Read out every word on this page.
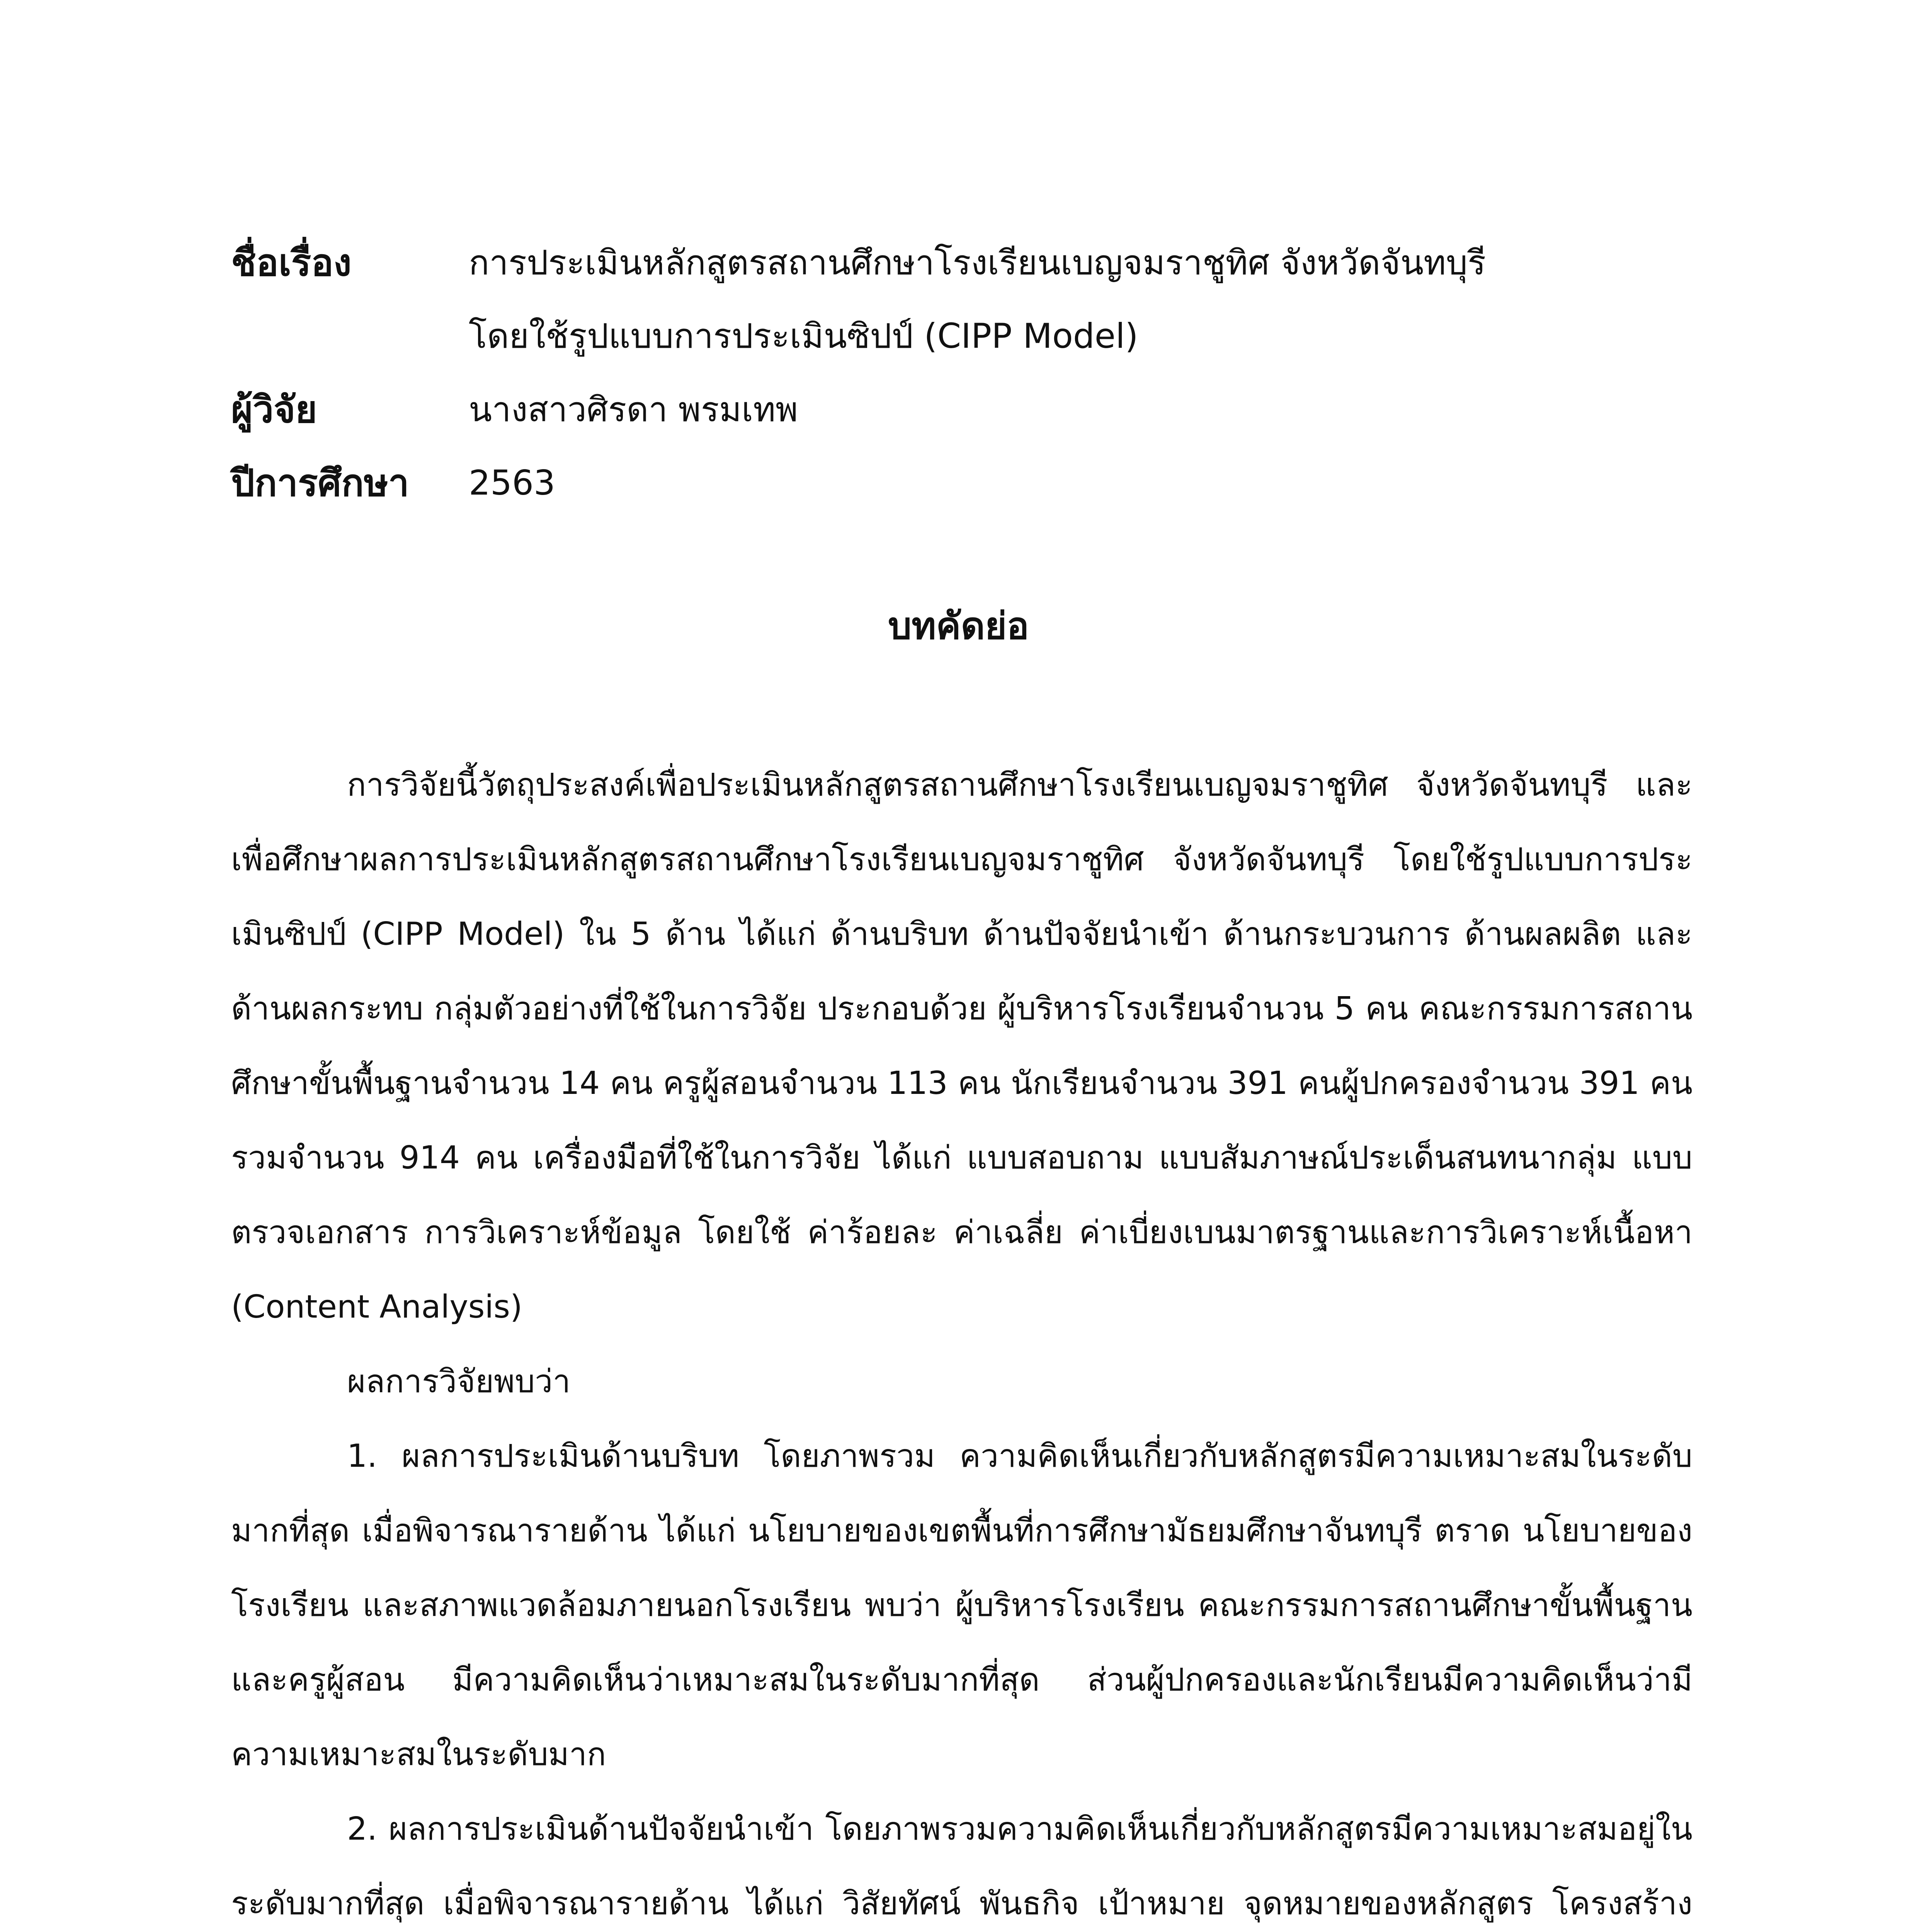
ชื่อเรื่อง	การประเมินหลักสูตรสถานศึกษาโรงเรียนเบญจมราชูทิศ จังหวัดจันทบุรี
โดยใช้รูปแบบการประเมินซิปป์ (CIPP Model)
ผู้วิจัย	นางสาวศิรดา พรมเทพ
ปีการศึกษา	2563
บทคัดย่อ

การวิจัยนี้วัตถุประสงค์เพื่อประเมินหลักสูตรสถานศึกษาโรงเรียนเบญจมราชูทิศ จังหวัดจันทบุรี และเพื่อศึกษาผลการประเมินหลักสูตรสถานศึกษาโรงเรียนเบญจมราชูทิศ จังหวัดจันทบุรี โดยใช้รูปแบบการประเมินซิปป์ (CIPP Model) ใน 5 ด้าน ได้แก่ ด้านบริบท ด้านปัจจัยนำเข้า ด้านกระบวนการ ด้านผลผลิต และด้านผลกระทบ กลุ่มตัวอย่างที่ใช้ในการวิจัย ประกอบด้วย ผู้บริหารโรงเรียนจำนวน 5 คน คณะกรรมการสถานศึกษาขั้นพื้นฐานจำนวน 14 คน ครูผู้สอนจำนวน 113 คน นักเรียนจำนวน 391 คนผู้ปกครองจำนวน 391 คน รวมจำนวน 914 คน เครื่องมือที่ใช้ในการวิจัย ได้แก่ แบบสอบถาม แบบสัมภาษณ์ประเด็นสนทนากลุ่ม แบบตรวจเอกสาร การวิเคราะห์ข้อมูล โดยใช้ ค่าร้อยละ ค่าเฉลี่ย ค่าเบี่ยงเบนมาตรฐานและการวิเคราะห์เนื้อหา (Content Analysis)

ผลการวิจัยพบว่า

1. ผลการประเมินด้านบริบท โดยภาพรวม ความคิดเห็นเกี่ยวกับหลักสูตรมีความเหมาะสมในระดับมากที่สุด เมื่อพิจารณารายด้าน ได้แก่ นโยบายของเขตพื้นที่การศึกษามัธยมศึกษาจันทบุรี ตราด นโยบายของโรงเรียน และสภาพแวดล้อมภายนอกโรงเรียน พบว่า ผู้บริหารโรงเรียน คณะกรรมการสถานศึกษาขั้นพื้นฐานและครูผู้สอน มีความคิดเห็นว่าเหมาะสมในระดับมากที่สุด ส่วนผู้ปกครองและนักเรียนมีความคิดเห็นว่ามีความเหมาะสมในระดับมาก

2. ผลการประเมินด้านปัจจัยนำเข้า โดยภาพรวมความคิดเห็นเกี่ยวกับหลักสูตรมีความเหมาะสมอยู่ในระดับมากที่สุด เมื่อพิจารณารายด้าน ได้แก่ วิสัยทัศน์ พันธกิจ เป้าหมาย จุดหมายของหลักสูตร โครงสร้าง
